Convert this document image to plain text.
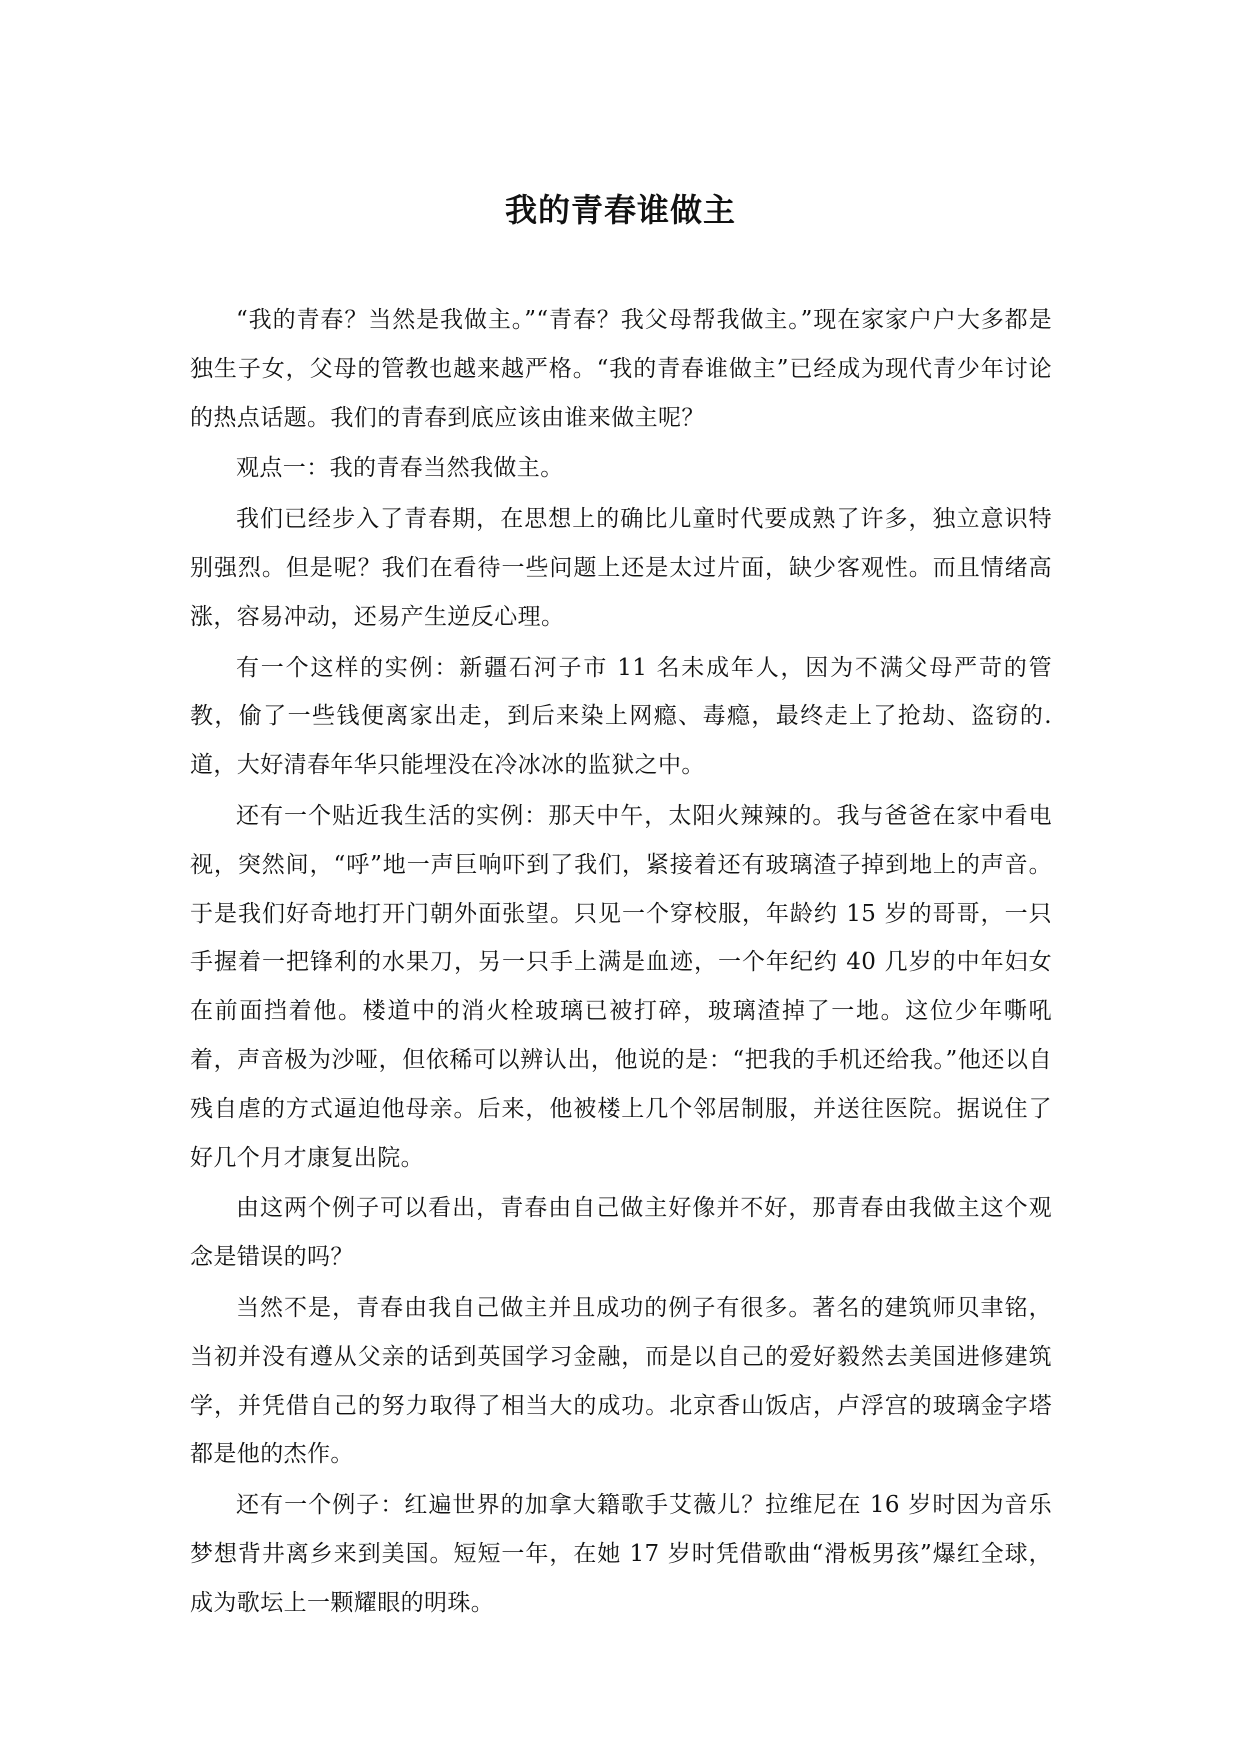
我的青春谁做主

“我的青春？当然是我做主。”“青春？我父母帮我做主。”现在家家户户大多都是独生子女，父母的管教也越来越严格。“我的青春谁做主”已经成为现代青少年讨论的热点话题。我们的青春到底应该由谁来做主呢？

观点一：我的青春当然我做主。

我们已经步入了青春期，在思想上的确比儿童时代要成熟了许多，独立意识特别强烈。但是呢？我们在看待一些问题上还是太过片面，缺少客观性。而且情绪高涨，容易冲动，还易产生逆反心理。

有一个这样的实例：新疆石河子市 11 名未成年人，因为不满父母严苛的管教，偷了一些钱便离家出走，到后来染上网瘾、毒瘾，最终走上了抢劫、盗窃的.道，大好清春年华只能埋没在冷冰冰的监狱之中。

还有一个贴近我生活的实例：那天中午，太阳火辣辣的。我与爸爸在家中看电视，突然间，“呼”地一声巨响吓到了我们，紧接着还有玻璃渣子掉到地上的声音。于是我们好奇地打开门朝外面张望。只见一个穿校服，年龄约 15 岁的哥哥，一只手握着一把锋利的水果刀，另一只手上满是血迹，一个年纪约 40 几岁的中年妇女在前面挡着他。楼道中的消火栓玻璃已被打碎，玻璃渣掉了一地。这位少年嘶吼着，声音极为沙哑，但依稀可以辨认出，他说的是：“把我的手机还给我。”他还以自残自虐的方式逼迫他母亲。后来，他被楼上几个邻居制服，并送往医院。据说住了好几个月才康复出院。

由这两个例子可以看出，青春由自己做主好像并不好，那青春由我做主这个观念是错误的吗？

当然不是，青春由我自己做主并且成功的例子有很多。著名的建筑师贝聿铭，当初并没有遵从父亲的话到英国学习金融，而是以自己的爱好毅然去美国进修建筑学，并凭借自己的努力取得了相当大的成功。北京香山饭店，卢浮宫的玻璃金字塔都是他的杰作。

还有一个例子：红遍世界的加拿大籍歌手艾薇儿？拉维尼在 16 岁时因为音乐梦想背井离乡来到美国。短短一年，在她 17 岁时凭借歌曲“滑板男孩”爆红全球，成为歌坛上一颗耀眼的明珠。
